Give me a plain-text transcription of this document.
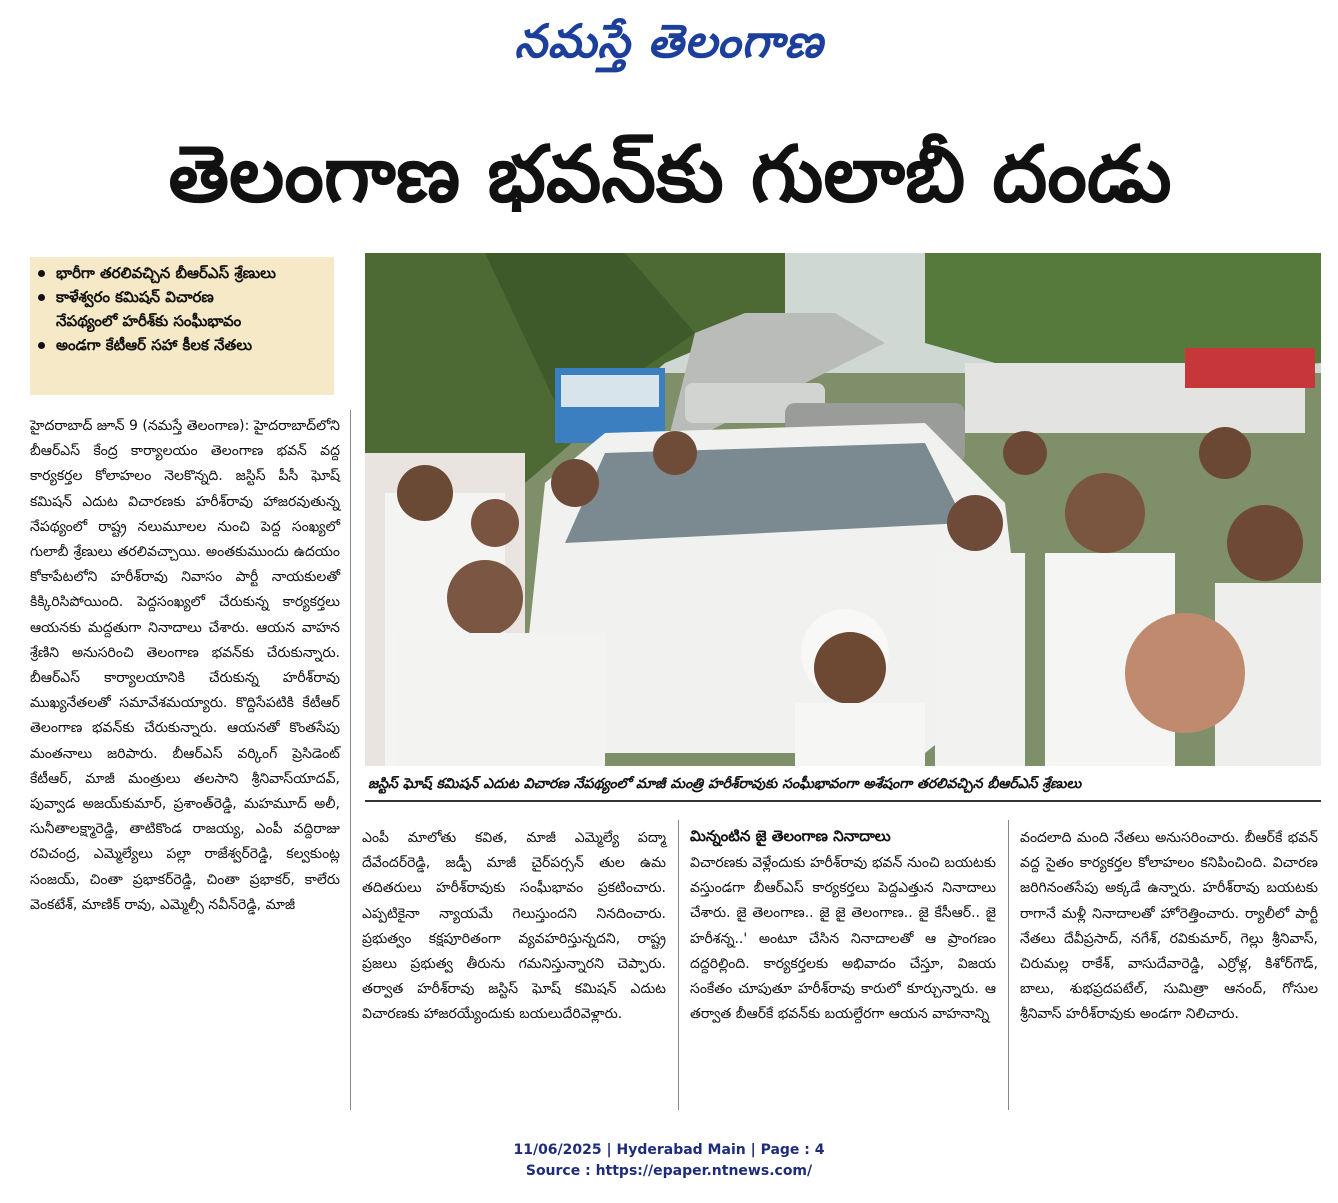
నమస్తే తెలంగాణ
తెలంగాణ భవన్‌కు గులాబీ దండు
భారీగా తరలివచ్చిన బీఆర్‌ఎస్ శ్రేణులు
కాళేశ్వరం కమిషన్ విచారణ
నేపథ్యంలో హరీశ్‌కు సంఘీభావం
అండగా కేటీఆర్ సహా కీలక నేతలు
జస్టిస్ ఘోష్ కమిషన్ ఎదుట విచారణ నేపథ్యంలో మాజీ మంత్రి హరీశ్‌రావుకు సంఘీభావంగా అశేషంగా తరలివచ్చిన బీఆర్‌ఎస్ శ్రేణులు

హైదరాబాద్ జూన్ 9 (నమస్తే తెలంగాణ): హైదరాబాద్‌లోని బీఆర్‌ఎస్ కేంద్ర కార్యాలయం తెలంగాణ భవన్ వద్ద కార్యకర్తల కోలాహలం నెలకొన్నది. జస్టిస్ పీసీ ఘోష్ కమిషన్ ఎదుట విచారణకు హరీశ్‌రావు హాజరవుతున్న నేపథ్యంలో రాష్ట్ర నలుమూలల నుంచి పెద్ద సంఖ్యలో గులాబీ శ్రేణులు తరలివచ్చాయి. అంతకుముందు ఉదయం కోకాపేటలోని హరీశ్‌రావు నివాసం పార్టీ నాయకులతో కిక్కిరిసిపోయింది. పెద్దసంఖ్యలో చేరుకున్న కార్యకర్తలు ఆయనకు మద్దతుగా నినాదాలు చేశారు. ఆయన వాహన శ్రేణిని అనుసరించి తెలంగాణ భవన్‌కు చేరుకున్నారు. బీఆర్‌ఎస్ కార్యాలయానికి చేరుకున్న హరీశ్‌రావు ముఖ్యనేతలతో సమావేశమయ్యారు. కొద్దిసేపటికి కేటీఆర్ తెలంగాణ భవన్‌కు చేరుకున్నారు. ఆయనతో కొంతసేపు మంతనాలు జరిపారు. బీఆర్‌ఎస్ వర్కింగ్ ప్రెసిడెంట్ కేటీఆర్, మాజీ మంత్రులు తలసాని శ్రీనివాస్‌యాదవ్, పువ్వాడ అజయ్‌కుమార్, ప్రశాంత్‌రెడ్డి, మహమూద్ అలీ, సునీతాలక్ష్మారెడ్డి, తాటికొండ రాజయ్య, ఎంపీ వద్దిరాజు రవిచంద్ర, ఎమ్మెల్యేలు పల్లా రాజేశ్వర్‌రెడ్డి, కల్వకుంట్ల సంజయ్, చింతా ప్రభాకర్‌రెడ్డి, చింతా ప్రభాకర్, కాలేరు వెంకటేశ్, మాణిక్ రావు, ఎమ్మెల్సీ నవీన్‌రెడ్డి, మాజీ

ఎంపీ మాలోతు కవిత, మాజీ ఎమ్మెల్యే పద్మా దేవేందర్‌రెడ్డి, జడ్పీ మాజీ చైర్‌పర్సన్ తుల ఉమ తదితరులు హరీశ్‌రావుకు సంఘీభావం ప్రకటించారు. ఎప్పటికైనా న్యాయమే గెలుస్తుందని నినదించారు. ప్రభుత్వం కక్షపూరితంగా వ్యవహరిస్తున్నదని, రాష్ట్ర ప్రజలు ప్రభుత్వ తీరును గమనిస్తున్నారని చెప్పారు. తర్వాత హరీశ్‌రావు జస్టిస్ ఘోష్ కమిషన్ ఎదుట విచారణకు హాజరయ్యేందుకు బయలుదేరివెళ్లారు.

మిన్నంటిన జై తెలంగాణ నినాదాలు

విచారణకు వెళ్లేందుకు హరీశ్‌రావు భవన్ నుంచి బయటకు వస్తుండగా బీఆర్‌ఎస్ కార్యకర్తలు పెద్దఎత్తున నినాదాలు చేశారు. జై తెలంగాణ.. జై జై తెలంగాణ.. జై కేసీఆర్.. జై హరీశన్న..' అంటూ చేసిన నినాదాలతో ఆ ప్రాంగణం దద్దరిల్లింది. కార్యకర్తలకు అభివాదం చేస్తూ, విజయ సంకేతం చూపుతూ హరీశ్‌రావు కారులో కూర్చున్నారు. ఆ తర్వాత బీఆర్‌కే భవన్‌కు బయల్దేరగా ఆయన వాహనాన్ని

వందలాది మంది నేతలు అనుసరించారు. బీఆర్‌కే భవన్ వద్ద సైతం కార్యకర్తల కోలాహలం కనిపించింది. విచారణ జరిగినంతసేపు అక్కడే ఉన్నారు. హరీశ్‌రావు బయటకు రాగానే మళ్లీ నినాదాలతో హోరెత్తించారు. ర్యాలీలో పార్టీ నేతలు దేవీప్రసాద్, నగేశ్, రవికుమార్, గెల్లు శ్రీనివాస్, చిరుమల్ల రాకేశ్, వాసుదేవారెడ్డి, ఎర్రోళ్ల, కిశోర్‌గౌడ్, బాలు, శుభప్రదపటేల్, సుమిత్రా ఆనంద్, గోసుల శ్రీనివాస్ హరీశ్‌రావుకు అండగా నిలిచారు.

11/06/2025 | Hyderabad Main | Page : 4
Source : https://epaper.ntnews.com/
